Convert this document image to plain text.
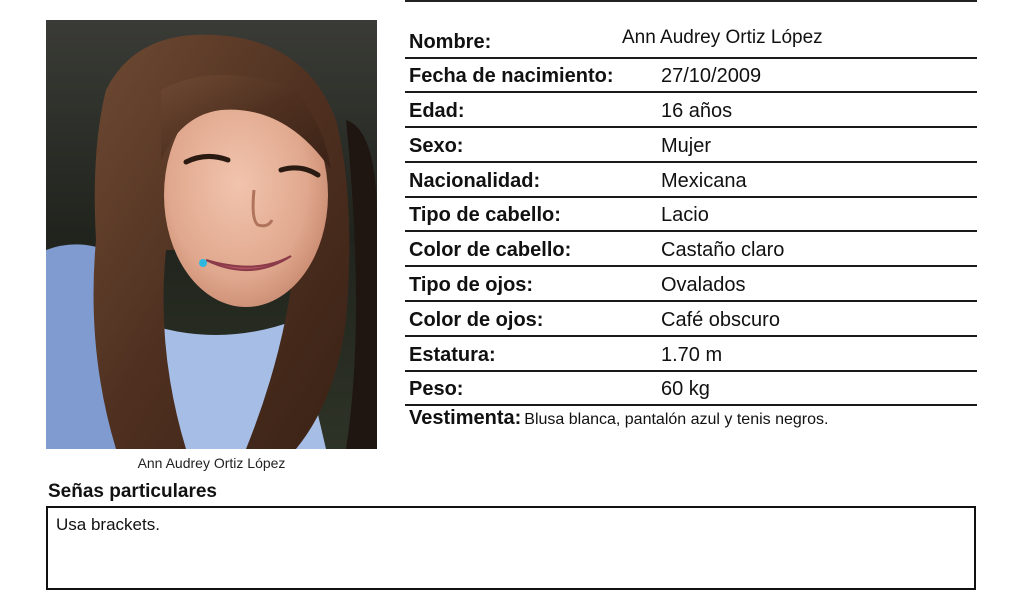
Ann Audrey Ortiz López
Nombre:	Ann Audrey Ortiz López
Fecha de nacimiento: 27/10/2009
Edad:	16 años
Sexo:	Mujer
Nacionalidad:	Mexicana
Tipo de cabello:	Lacio
Color de cabello:	Castaño claro
Tipo de ojos:	Ovalados
Color de ojos:	Café obscuro
Estatura:	1.70 m
Peso:	60 kg
Vestimenta: Blusa blanca, pantalón azul y tenis negros.
Señas particulares
Usa brackets.
